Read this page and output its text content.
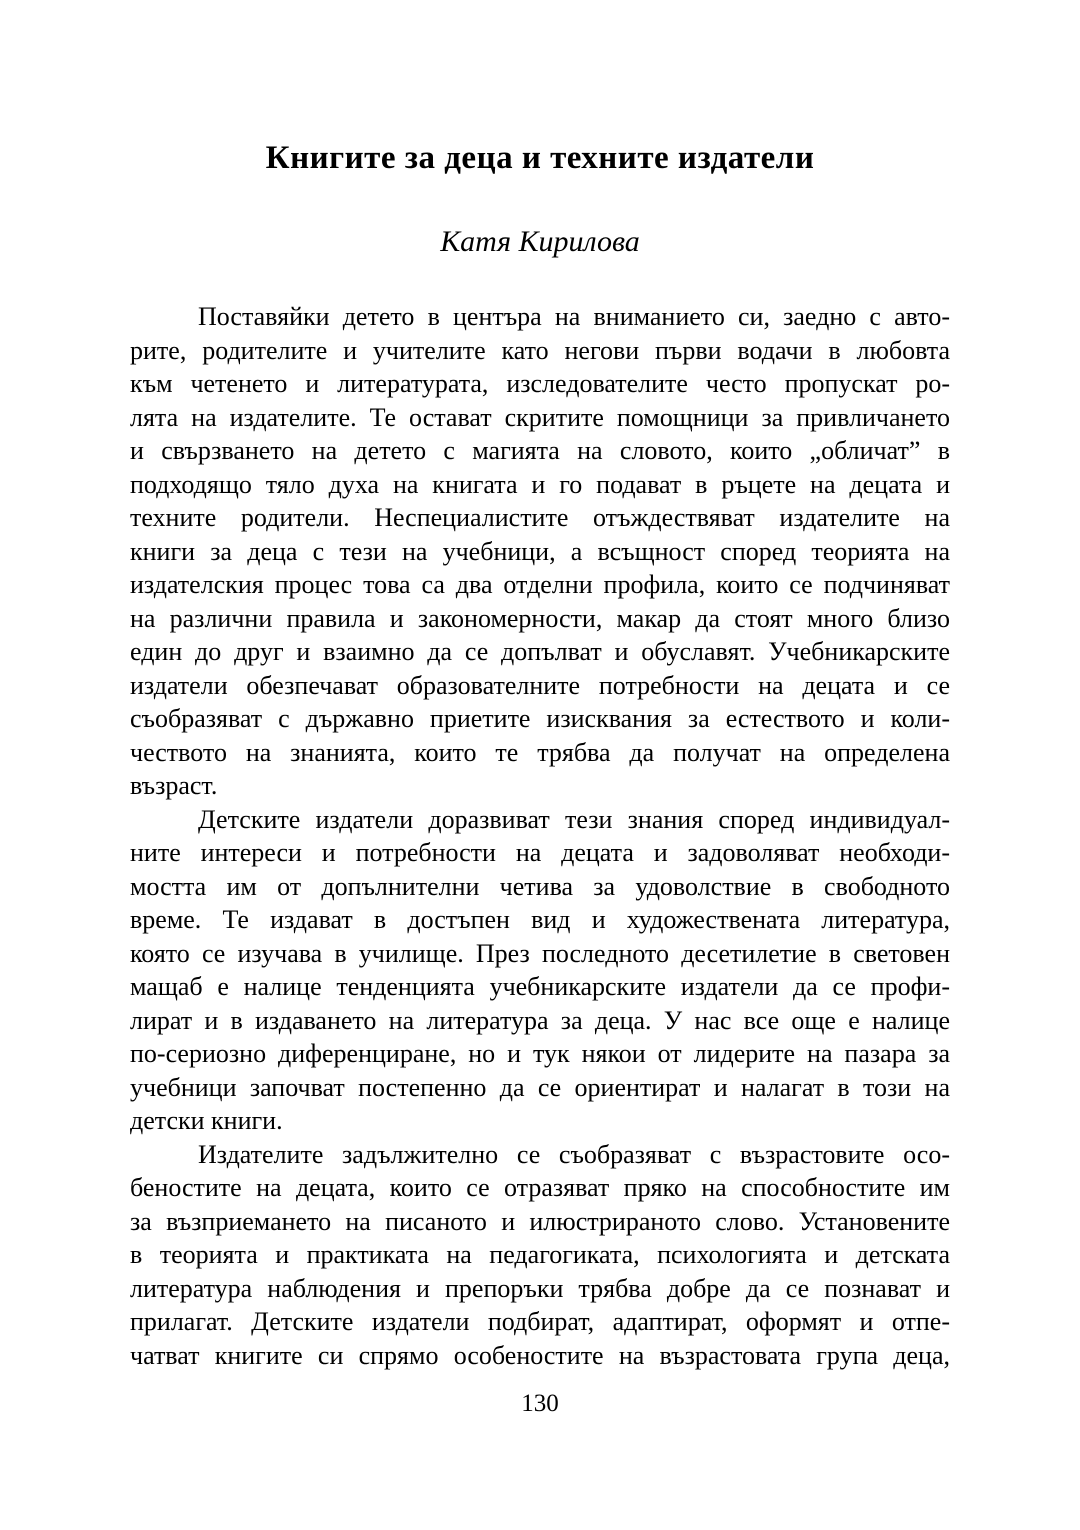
Книгите за деца и техните издатели
Катя Кирилова
Поставяйки детето в центъра на вниманието си, заедно с авто-
рите, родителите и учителите като негови първи водачи в любовта
към четенето и литературата, изследователите често пропускат ро-
лята на издателите. Те остават скритите помощници за привличането
и свързването на детето с магията на словото, които „обличат” в
подходящо тяло духа на книгата и го подават в ръцете на децата и
техните родители. Неспециалистите отъждествяват издателите на
книги за деца с тези на учебници, а всъщност според теорията на
издателския процес това са два отделни профила, които се подчиняват
на различни правила и закономерности, макар да стоят много близо
един до друг и взаимно да се допълват и обуславят. Учебникарските
издатели обезпечават образователните потребности на децата и се
съобразяват с държавно приетите изисквания за естеството и коли-
чеството на знанията, които те трябва да получат на определена
възраст.
Детските издатели доразвиват тези знания според индивидуал-
ните интереси и потребности на децата и задоволяват необходи-
мостта им от допълнителни четива за удоволствие в свободното
време. Те издават в достъпен вид и художествената литература,
която се изучава в училище. През последното десетилетие в световен
мащаб е налице тенденцията учебникарските издатели да се профи-
лират и в издаването на литература за деца. У нас все още е налице
по-сериозно диференциране, но и тук някои от лидерите на пазара за
учебници започват постепенно да се ориентират и налагат в този на
детски книги.
Издателите задължително се съобразяват с възрастовите осо-
беностите на децата, които се отразяват пряко на способностите им
за възприемането на писаното и илюстрираното слово. Установените
в теорията и практиката на педагогиката, психологията и детската
литература наблюдения и препоръки трябва добре да се познават и
прилагат. Детските издатели подбират, адаптират, оформят и отпе-
чатват книгите си спрямо особеностите на възрастовата група деца,
130
